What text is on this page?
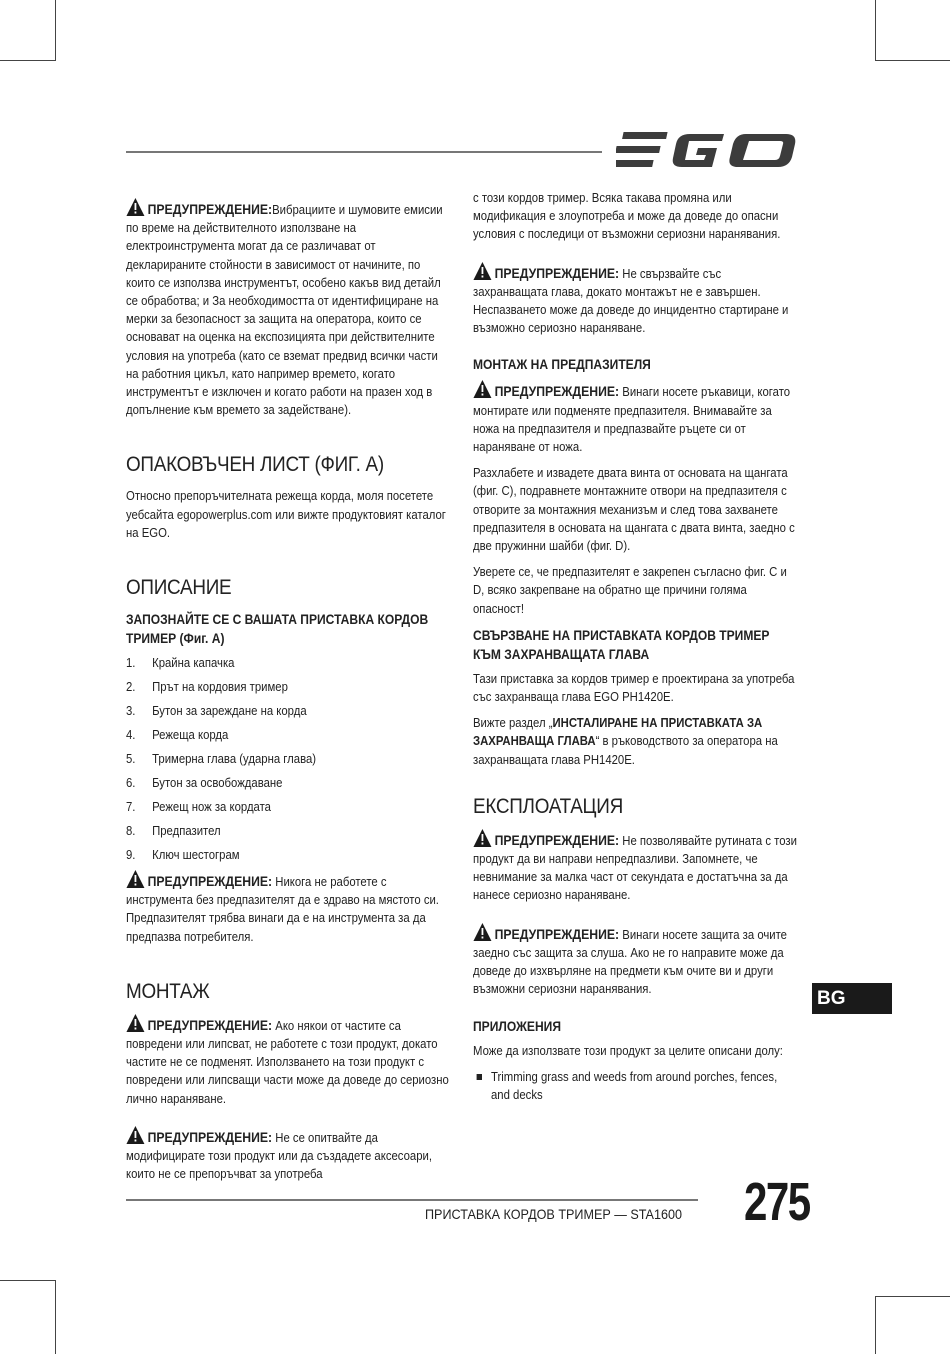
ПРЕДУПРЕЖДЕНИЕ:Вибрациите и шумовите емисии по време на действителното използване на електроинструмента могат да се различават от декларираните стойности в зависимост от начините, по които се използва инструментът, особено какъв вид детайл се обработва; и За необходимостта от идентифициране на мерки за безопасност за защита на оператора, които се основават на оценка на експозицията при действителните условия на употреба (като се вземат предвид всички части на работния цикъл, като например времето, когато инструментът е изключен и когато работи на празен ход в допълнение към времето за задействане).

ОПАКОВЪЧЕН ЛИСТ (ФИГ. A)

Относно препоръчителната режеща корда, моля посетете уебсайта egopowerplus.com или вижте продуктовият каталог на EGO.

ОПИСАНИЕ
ЗАПОЗНАЙТЕ СЕ С ВАШАТА ПРИСТАВКА КОРДОВ ТРИМЕР (Фиг. A)
1.	Крайна капачка
2.	Прът на кордовия тример
3.	Бутон за зареждане на корда
4.	Режеща корда
5.	Тримерна глава (ударна глава)
6.	Бутон за освобождаване
7.	Режещ нож за кордата
8.	Предпазител
9.	Ключ шестограм

ПРЕДУПРЕЖДЕНИЕ: Никога не работете с инструмента без предпазителят да е здраво на мястото си. Предпазителят трябва винаги да е на инструмента за да предпазва потребителя.

МОНТАЖ

ПРЕДУПРЕЖДЕНИЕ: Ако някои от частите са повредени или липсват, не работете с този продукт, докато частите не се подменят. Използването на този продукт с повредени или липсващи части може да доведе до сериозно лично нараняване.

ПРЕДУПРЕЖДЕНИЕ: Не се опитвайте да модифицирате този продукт или да създадете аксесоари, които не се препоръчват за употреба

с този кордов тример. Всяка такава промяна или модификация е злоупотреба и може да доведе до опасни условия с последици от възможни сериозни наранявания.

ПРЕДУПРЕЖДЕНИЕ: Не свързвайте със захранващата глава, докато монтажът не е завършен. Неспазването може да доведе до инцидентно стартиране и възможно сериозно нараняване.

МОНТАЖ НА ПРЕДПАЗИТЕЛЯ

ПРЕДУПРЕЖДЕНИЕ: Винаги носете ръкавици, когато монтирате или подменяте предпазителя. Внимавайте за ножа на предпазителя и предпазвайте ръцете си от нараняване от ножа.

Разхлабете и извадете двата винта от основата на щангата (фиг. C), подравнете монтажните отвори на предпазителя с отворите за монтажния механизъм и след това захванете предпазителя в основата на щангата с двата винта, заедно с две пружинни шайби (фиг. D).

Уверете се, че предпазителят е закрепен съгласно фиг. C и D, всяко закрепване на обратно ще причини голяма опасност!

СВЪРЗВАНЕ НА ПРИСТАВКАТА КОРДОВ ТРИМЕР КЪМ ЗАХРАНВАЩАТА ГЛАВА

Тази приставка за кордов тример е проектирана за употреба със захранваща глава EGO PH1420E.

Вижте раздел „ИНСТАЛИРАНЕ НА ПРИСТАВКАТА ЗА ЗАХРАНВАЩА ГЛАВА“ в ръководството за оператора на захранващата глава PH1420E.

ЕКСПЛОАТАЦИЯ

ПРЕДУПРЕЖДЕНИЕ: Не позволявайте рутината с този продукт да ви направи непредпазливи. Запомнете, че невнимание за малка част от секундата е достатъчна за да нанесе сериозно нараняване.

ПРЕДУПРЕЖДЕНИЕ: Винаги носете защита за очите заедно със защита за слуша. Ако не го направите може да доведе до изхвърляне на предмети към очите ви и други възможни сериозни наранявания.

ПРИЛОЖЕНИЯ

Може да използвате този продукт за целите описани долу:

Trimming grass and weeds from around porches, fences, and decks
BG
ПРИСТАВКА КОРДОВ ТРИМЕР — STA1600 275
